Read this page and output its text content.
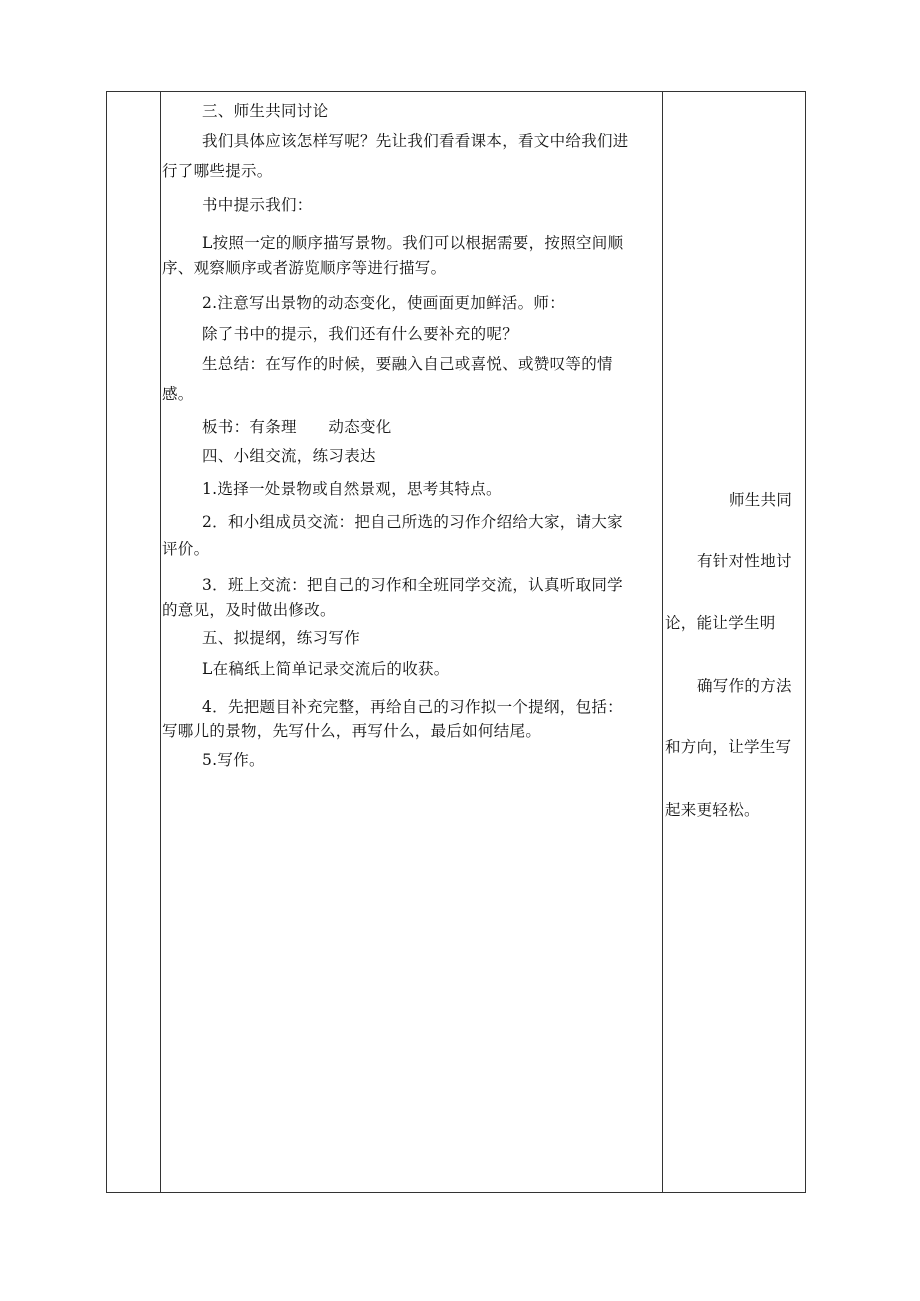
三、师生共同讨论
我们具体应该怎样写呢？先让我们看看课本，看文中给我们进
行了哪些提示。
书中提示我们：
L按照一定的顺序描写景物。我们可以根据需要，按照空间顺
序、观察顺序或者游览顺序等进行描写。
2.注意写出景物的动态变化，使画面更加鲜活。师：
除了书中的提示，我们还有什么要补充的呢？
生总结：在写作的时候，要融入自己或喜悦、或赞叹等的情
感。
板书：有条理　　动态变化
四、小组交流，练习表达
1.选择一处景物或自然景观，思考其特点。
2．和小组成员交流：把自己所选的习作介绍给大家，请大家
评价。
3．班上交流：把自己的习作和全班同学交流，认真听取同学
的意见，及时做出修改。
五、拟提纲，练习写作
L在稿纸上简单记录交流后的收获。
4．先把题目补充完整，再给自己的习作拟一个提纲，包括：
写哪儿的景物，先写什么，再写什么，最后如何结尾。
5.写作。
师生共同
有针对性地讨
论，能让学生明
确写作的方法
和方向，让学生写
起来更轻松。
